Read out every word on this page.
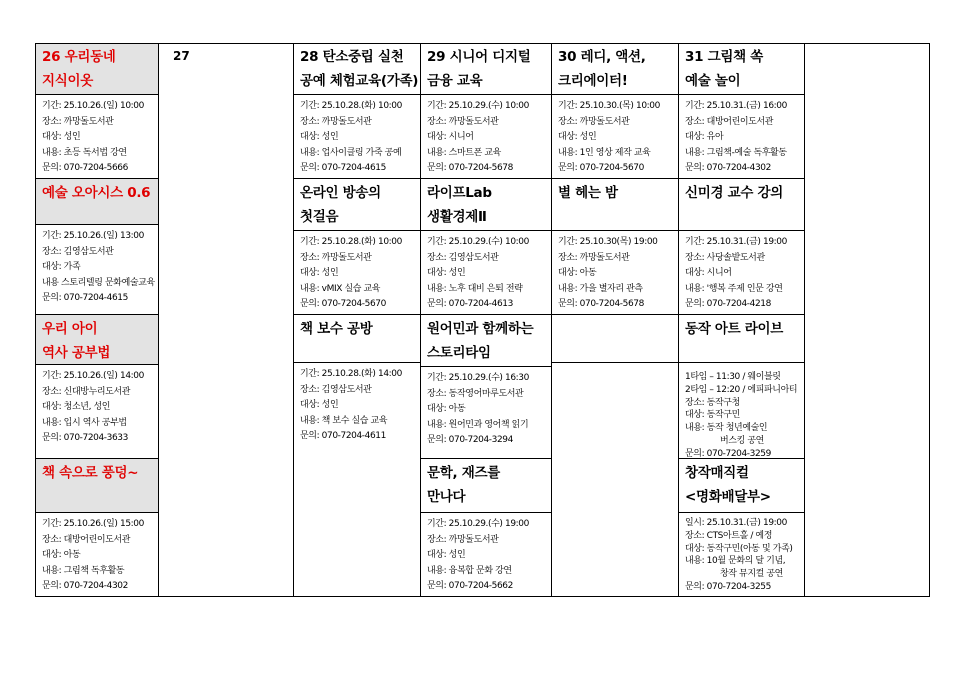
26 우리동네
지식이옷
기간: 25.10.26.(일) 10:00
장소: 까망돌도서관
대상: 성인
내용: 초등 독서법 강연
문의: 070-7204-5666
예술 오아시스 0.6
기간: 25.10.26.(일) 13:00
장소: 김영삼도서관
대상: 가족
내용 스토리텔링 문화예술교육
문의: 070-7204-4615
우리 아이
역사 공부법
기간: 25.10.26.(일) 14:00
장소: 신대방누리도서관
대상: 청소년, 성인
내용: 입시 역사 공부법
문의: 070-7204-3633
책 속으로 풍덩~
기간: 25.10.26.(일) 15:00
장소: 대방어린이도서관
대상: 아동
내용: 그림책 독후활동
문의: 070-7204-4302
27	28 탄소중립 실천
공예 체험교육(가족)
기간: 25.10.28.(화) 10:00
장소: 까망돌도서관
대상: 성인
내용: 업사이클링 가죽 공예
문의: 070-7204-4615
온라인 방송의
첫걸음
기간: 25.10.28.(화) 10:00
장소: 까망돌도서관
대상: 성인
내용: vMIX 실습 교육
문의: 070-7204-5670
책 보수 공방
기간: 25.10.28.(화) 14:00
장소: 김영삼도서관
대상: 성인
내용: 책 보수 실습 교육
문의: 070-7204-4611
29 시니어 디지털
금융 교육
기간: 25.10.29.(수) 10:00
장소: 까망돌도서관
대상: 시니어
내용: 스마트폰 교육
문의: 070-7204-5678
라이프Lab
생활경제Ⅱ
기간: 25.10.29.(수) 10:00
장소: 김영삼도서관
대상: 성인
내용: 노후 대비 은퇴 전략
문의: 070-7204-4613
원어민과 함께하는
스토리타임
기간: 25.10.29.(수) 16:30
장소: 동작영어마루도서관
대상: 아동
내용: 원어민과 영어책 읽기
문의: 070-7204-3294
문학, 재즈를
만나다
기간: 25.10.29.(수) 19:00
장소: 까망돌도서관
대상: 성인
내용: 융복합 문화 강연
문의: 070-7204-5662
30 레디, 액션,
크리에이터!
기간: 25.10.30.(목) 10:00
장소: 까망돌도서관
대상: 성인
내용: 1인 영상 제작 교육
문의: 070-7204-5670
별 헤는 밤
기간: 25.10.30(목) 19:00
장소: 까망돌도서관
대상: 아동
내용: 가을 별자리 관측
문의: 070-7204-5678
31 그림책 쏙
예술 놀이
기간: 25.10.31.(금) 16:00
장소: 대방어린이도서관
대상: 유아
내용: 그림책-예술 독후활동
문의: 070-7204-4302
신미경 교수 강의
기간: 25.10.31.(금) 19:00
장소: 사당솔밭도서관
대상: 시니어
내용: '행복 주제 인문 강연
문의: 070-7204-4218
동작 아트 라이브
1타임 – 11:30 / 웨이블릿
2타임 – 12:20 / 에피파니아티
장소: 동작구청
대상: 동작구민
내용: 동작 청년예술인
버스킹 공연
문의: 070-7204-3259
창작매직컬
<명화배달부>
일시: 25.10.31.(금) 19:00
장소: CTS아트홀 / 예정
대상: 동작구민(아동 및 가족)
내용: 10월 문화의 달 기념,
창작 뮤지컬 공연
문의: 070-7204-3255
